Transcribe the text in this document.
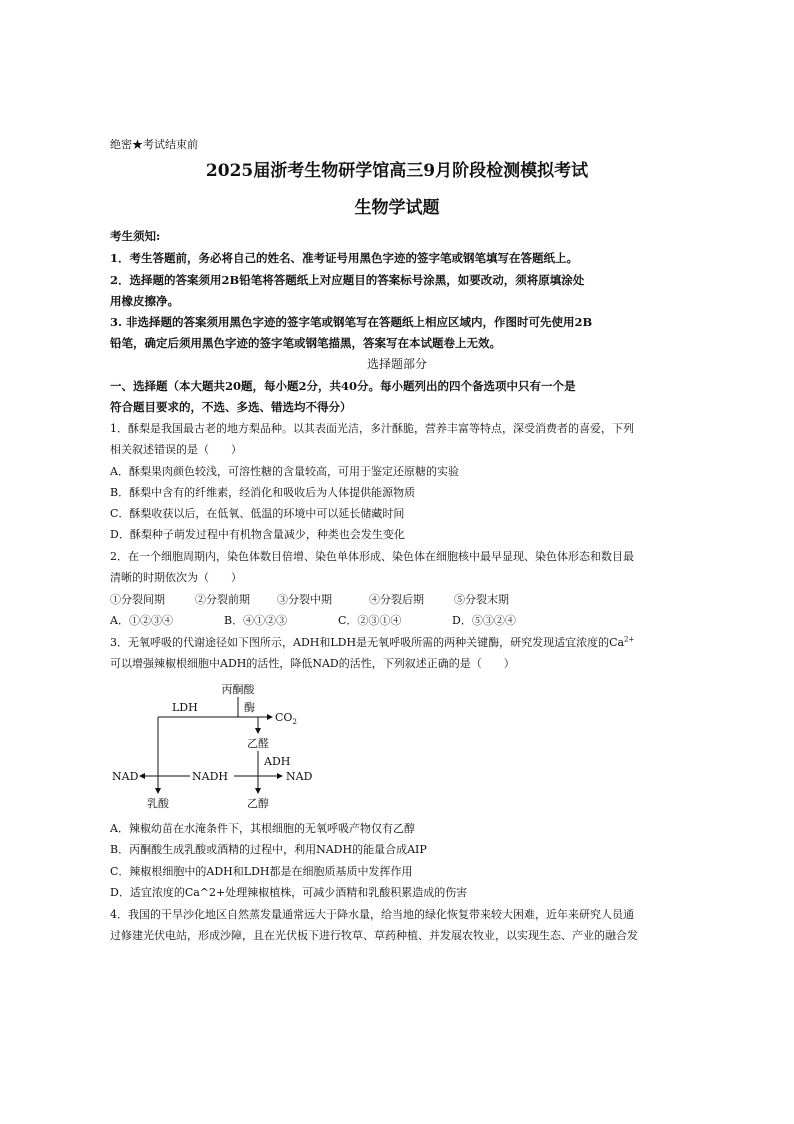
绝密★考试结束前
2025届浙考生物研学馆高三9月阶段检测模拟考试
生物学试题
考生须知:
1．考生答题前，务必将自己的姓名、准考证号用黑色字迹的签字笔或钢笔填写在答题纸上。
2．选择题的答案须用2B铅笔将答题纸上对应题目的答案标号涂黑，如要改动，须将原填涂处
用橡皮擦净。
3. 非选择题的答案须用黑色字迹的签字笔或钢笔写在答题纸上相应区域内，作图时可先使用2B
铅笔，确定后须用黑色字迹的签字笔或钢笔描黑，答案写在本试题卷上无效。
选择题部分
一、选择题（本大题共20题，每小题2分，共40分。每小题列出的四个备选项中只有一个是
符合题目要求的，不选、多选、错选均不得分）
1．酥梨是我国最古老的地方梨品种。以其表面光洁，多汁酥脆，营养丰富等特点，深受消费者的喜爱，下列
相关叙述错误的是（　　）
A．酥梨果肉颜色较浅，可溶性糖的含量较高，可用于鉴定还原糖的实验
B．酥梨中含有的纤维素，经消化和吸收后为人体提供能源物质
C．酥梨收获以后，在低氧、低温的环境中可以延长储藏时间
D．酥梨种子萌发过程中有机物含量减少，种类也会发生变化
2．在一个细胞周期内，染色体数目倍增、染色单体形成、染色体在细胞核中最早显现、染色体形态和数目最
清晰的时期依次为（　　）
①分裂间期	②分裂前期 ③分裂中期	④分裂后期	⑤分裂末期
A．①②③④	B．④①②③	C．②③①④	D．⑤③②④
3．无氧呼吸的代谢途径如下图所示，ADH和LDH是无氧呼吸所需的两种关键酶，研究发现适宜浓度的$Ca^{2+}$
可以增强辣椒根细胞中ADH的活性，降低NAD的活性，下列叙述正确的是（　　）
丙酮酸
LDH	酶
$CO_2$
乙醛
ADH
NAD	NADH	NAD
乳酸	乙醇
A．辣椒幼苗在水淹条件下，其根细胞的无氧呼吸产物仅有乙醇
B．丙酮酸生成乳酸或酒精的过程中，利用NADH的能量合成AIP
C．辣椒根细胞中的ADH和LDH都是在细胞质基质中发挥作用
D．适宜浓度的Ca^2+处理辣椒植株，可减少酒精和乳酸积累造成的伤害
4．我国的干旱沙化地区自然蒸发量通常远大于降水量，给当地的绿化恢复带来较大困难，近年来研究人员通
过修建光伏电站，形成沙障，且在光伏板下进行牧草、草药种植、并发展农牧业，以实现生态、产业的融合发
